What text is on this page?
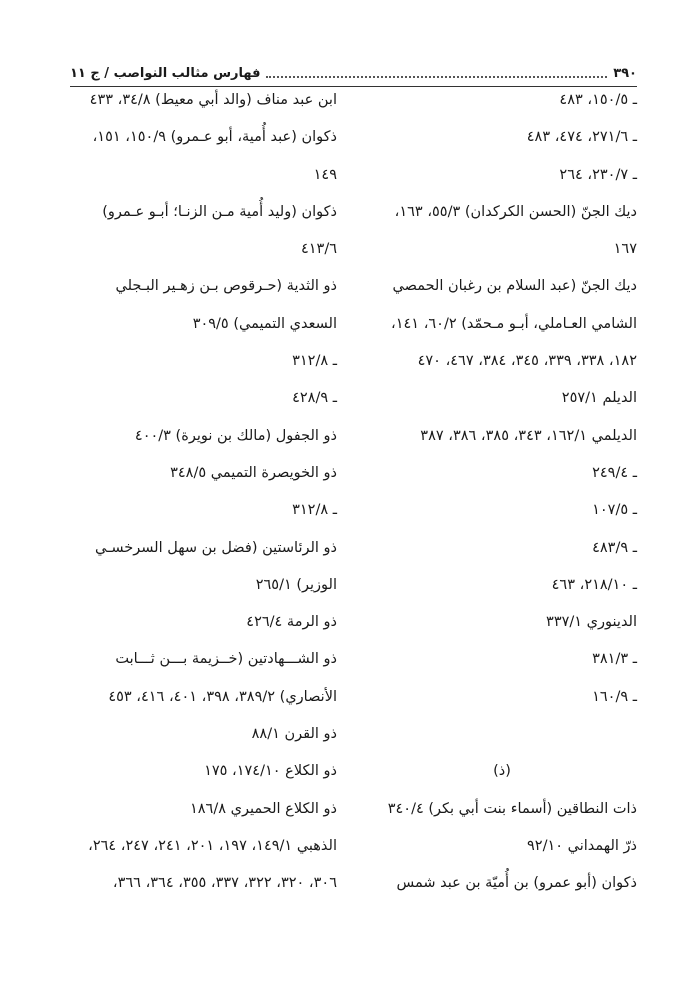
٣٩٠
فهارس مثالب النواصب / ج ١١
ـ ١٥٠/٥، ٤٨٣
ـ ٢٧١/٦، ٤٧٤، ٤٨٣
ـ ٢٣٠/٧، ٢٦٤
ديك الجنّ (الحسن الكركدان) ٥٥/٣، ١٦٣،
١٦٧
ديك الجنّ (عبد السلام بن رغبان الحمصي
الشامي العـاملي، أبـو مـحمّد) ٦٠/٢، ١٤١،
١٨٢، ٣٣٨، ٣٣٩، ٣٤٥، ٣٨٤، ٤٦٧، ٤٧٠
الديلم ٢٥٧/١
الديلمي ١٦٢/١، ٣٤٣، ٣٨٥، ٣٨٦، ٣٨٧
ـ ٢٤٩/٤
ـ ١٠٧/٥
ـ ٤٨٣/٩
ـ ٢١٨/١٠، ٤٦٣
الدينوري ٣٣٧/١
ـ ٣٨١/٣
ـ ١٦٠/٩
(ذ)
ذات النطاقين (أسماء بنت أبي بكر) ٣٤٠/٤
ذرّ الهمداني ٩٢/١٠
ذكوان (أبو عمرو) بن أُميّة بن عبد شمس
ابن عبد مناف (والد أبي معيط) ٣٤/٨، ٤٣٣
ذكوان (عبد أُمية، أبو عـمرو) ١٥٠/٩، ١٥١،
١٤٩
ذكوان (وليد أُمية مـن الزنـا؛ أبـو عـمرو)
٤١٣/٦
ذو الثدية (حـرقوص بـن زهـير البـجلي
السعدي التميمي) ٣٠٩/٥
ـ ٣١٢/٨
ـ ٤٢٨/٩
ذو الجفول (مالك بن نويرة) ٤٠٠/٣
ذو الخويصرة التميمي ٣٤٨/٥
ـ ٣١٢/٨
ذو الرئاستين (فضل بن سهل السرخسـي
الوزير) ٢٦٥/١
ذو الرمة ٤٢٦/٤
ذو الشـــهادتين (خــزيمة بـــن ثـــابت
الأنصاري) ٣٨٩/٢، ٣٩٨، ٤٠١، ٤١٦، ٤٥٣
ذو القرن ٨٨/١
ذو الكلاع ١٧٤/١٠، ١٧٥
ذو الكلاع الحميري ١٨٦/٨
الذهبي ١٤٩/١، ١٩٧، ٢٠١، ٢٤١، ٢٤٧، ٢٦٤،
٣٠٦، ٣٢٠، ٣٢٢، ٣٣٧، ٣٥٥، ٣٦٤، ٣٦٦،
